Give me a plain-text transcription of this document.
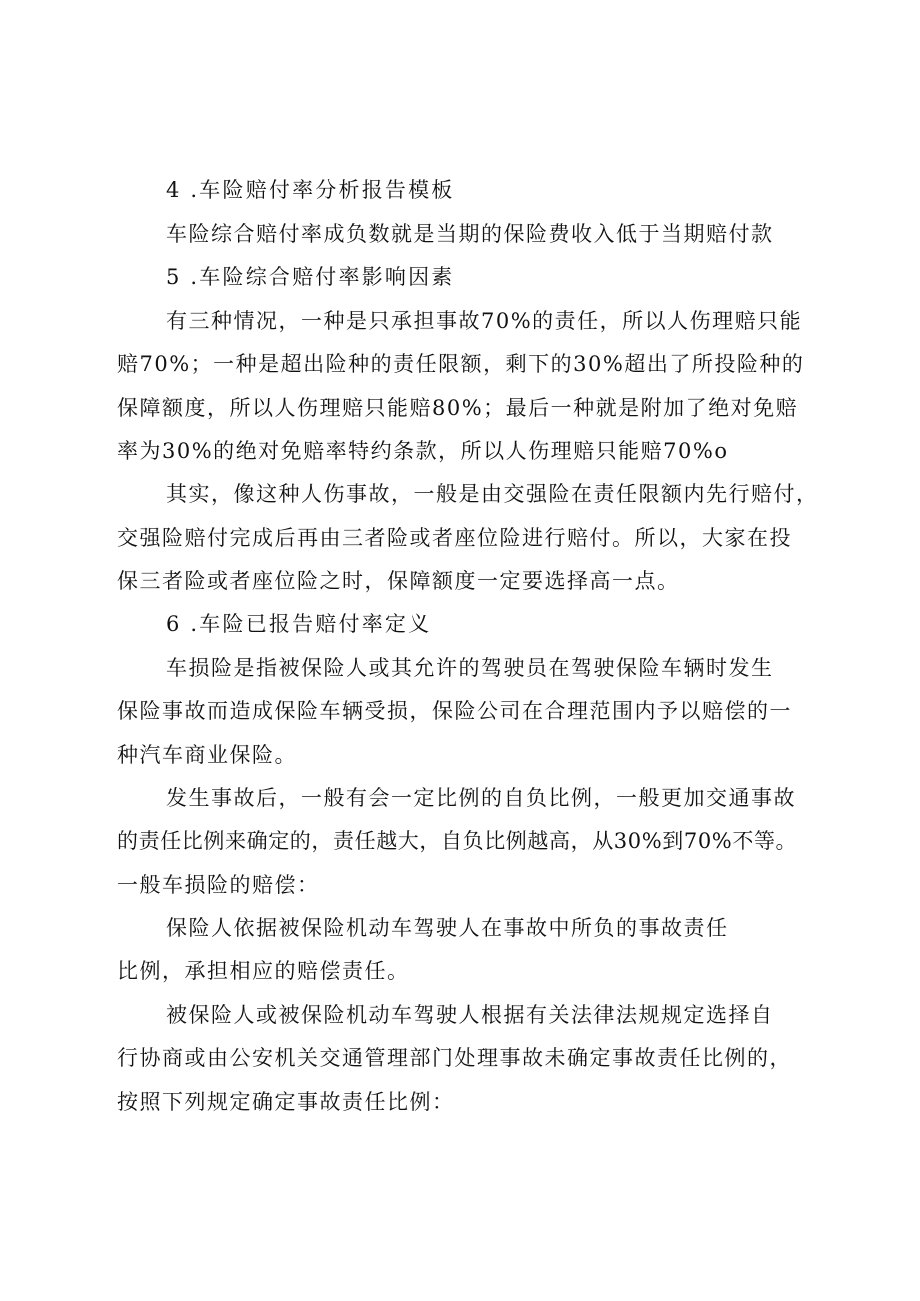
4 .车险赔付率分析报告模板
车险综合赔付率成负数就是当期的保险费收入低于当期赔付款
5 .车险综合赔付率影响因素
有三种情况，一种是只承担事故70%的责任，所以人伤理赔只能
赔70%；一种是超出险种的责任限额，剩下的30%超出了所投险种的
保障额度，所以人伤理赔只能赔80%；最后一种就是附加了绝对免赔
率为30%的绝对免赔率特约条款，所以人伤理赔只能赔70%o
其实，像这种人伤事故，一般是由交强险在责任限额内先行赔付，
交强险赔付完成后再由三者险或者座位险进行赔付。所以，大家在投
保三者险或者座位险之时，保障额度一定要选择高一点。
6 .车险已报告赔付率定义
车损险是指被保险人或其允许的驾驶员在驾驶保险车辆时发生
保险事故而造成保险车辆受损，保险公司在合理范围内予以赔偿的一
种汽车商业保险。
发生事故后，一般有会一定比例的自负比例，一般更加交通事故
的责任比例来确定的，责任越大，自负比例越高，从30%到70%不等。
一般车损险的赔偿：
保险人依据被保险机动车驾驶人在事故中所负的事故责任
比例，承担相应的赔偿责任。
被保险人或被保险机动车驾驶人根据有关法律法规规定选择自
行协商或由公安机关交通管理部门处理事故未确定事故责任比例的，
按照下列规定确定事故责任比例：
